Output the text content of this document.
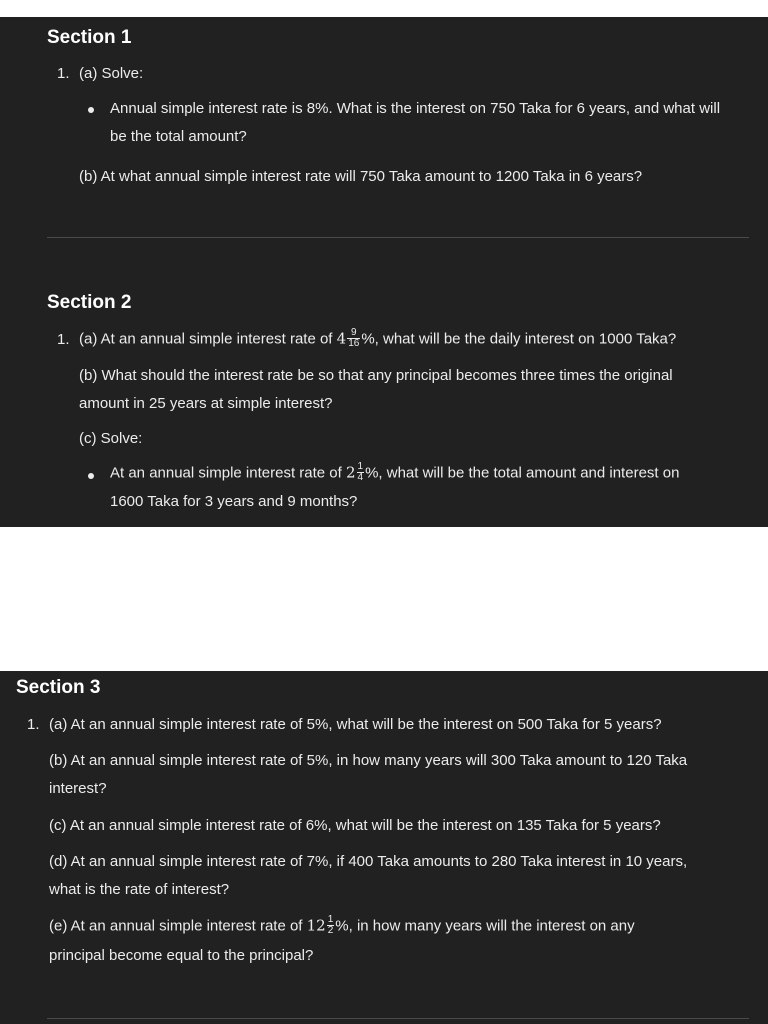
Section 1
1. (a) Solve:
Annual simple interest rate is 8%. What is the interest on 750 Taka for 6 years, and what will
be the total amount?
(b) At what annual simple interest rate will 750 Taka amount to 1200 Taka in 6 years?
Section 2
1. (a) At an annual simple interest rate of $4 \frac{9}{16}$ %, what will be the daily interest on 1000 Taka?
(b) What should the interest rate be so that any principal becomes three times the original
amount in 25 years at simple interest?
(c) Solve:
At an annual simple interest rate of $2 \frac{1}{4}$ %, what will be the total amount and interest on
1600 Taka for 3 years and 9 months?
Section 3
1. (a) At an annual simple interest rate of 5%, what will be the interest on 500 Taka for 5 years?
(b) At an annual simple interest rate of 5%, in how many years will 300 Taka amount to 120 Taka
interest?
(c) At an annual simple interest rate of 6%, what will be the interest on 135 Taka for 5 years?
(d) At an annual simple interest rate of 7%, if 400 Taka amounts to 280 Taka interest in 10 years,
what is the rate of interest?
(e) At an annual simple interest rate of $12 \frac{1}{2}$ %, in how many years will the interest on any
principal become equal to the principal?
